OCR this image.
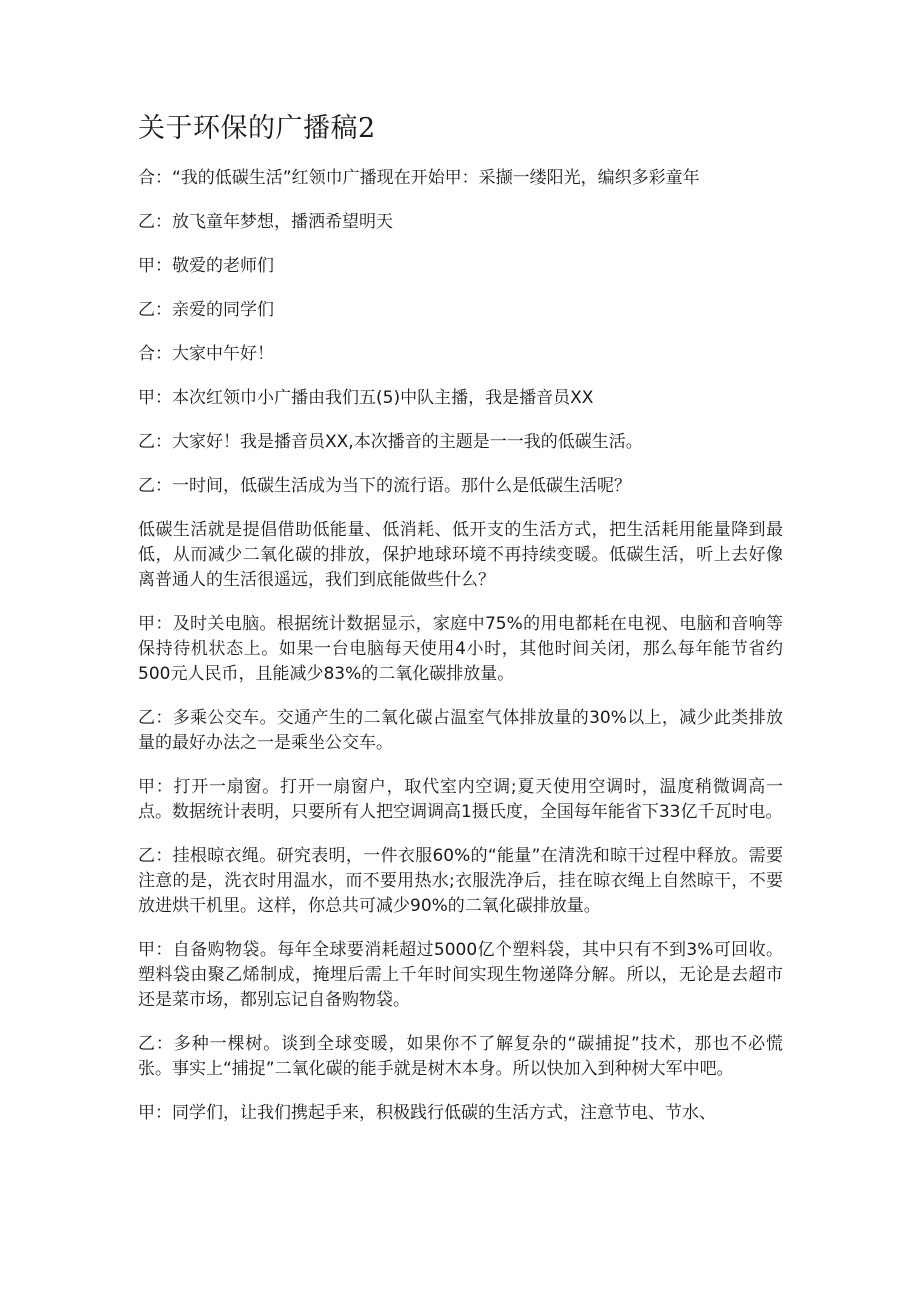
关于环保的广播稿2

合：“我的低碳生活”红领巾广播现在开始甲：采撷一缕阳光，编织多彩童年

乙：放飞童年梦想，播洒希望明天

甲：敬爱的老师们

乙：亲爱的同学们

合：大家中午好！

甲：本次红领巾小广播由我们五(5)中队主播，我是播音员XX

乙：大家好！我是播音员XX,本次播音的主题是一一我的低碳生活。

乙：一时间，低碳生活成为当下的流行语。那什么是低碳生活呢？

低碳生活就是提倡借助低能量、低消耗、低开支的生活方式，把生活耗用能量降到最低，从而减少二氧化碳的排放，保护地球环境不再持续变暖。低碳生活，听上去好像离普通人的生活很遥远，我们到底能做些什么？

甲：及时关电脑。根据统计数据显示，家庭中75%的用电都耗在电视、电脑和音响等保持待机状态上。如果一台电脑每天使用4小时，其他时间关闭，那么每年能节省约500元人民币，且能减少83%的二氧化碳排放量。

乙：多乘公交车。交通产生的二氧化碳占温室气体排放量的30%以上，减少此类排放量的最好办法之一是乘坐公交车。

甲：打开一扇窗。打开一扇窗户，取代室内空调;夏天使用空调时，温度稍微调高一点。数据统计表明，只要所有人把空调调高1摄氏度，全国每年能省下33亿千瓦时电。

乙：挂根晾衣绳。研究表明，一件衣服60%的“能量”在清洗和晾干过程中释放。需要注意的是，洗衣时用温水，而不要用热水;衣服洗净后，挂在晾衣绳上自然晾干，不要放进烘干机里。这样，你总共可减少90%的二氧化碳排放量。

甲：自备购物袋。每年全球要消耗超过5000亿个塑料袋，其中只有不到3%可回收。塑料袋由聚乙烯制成，掩埋后需上千年时间实现生物递降分解。所以，无论是去超市还是菜市场，都别忘记自备购物袋。

乙：多种一棵树。谈到全球变暖，如果你不了解复杂的“碳捕捉”技术，那也不必慌张。事实上“捕捉”二氧化碳的能手就是树木本身。所以快加入到种树大军中吧。

甲：同学们，让我们携起手来，积极践行低碳的生活方式，注意节电、节水、
